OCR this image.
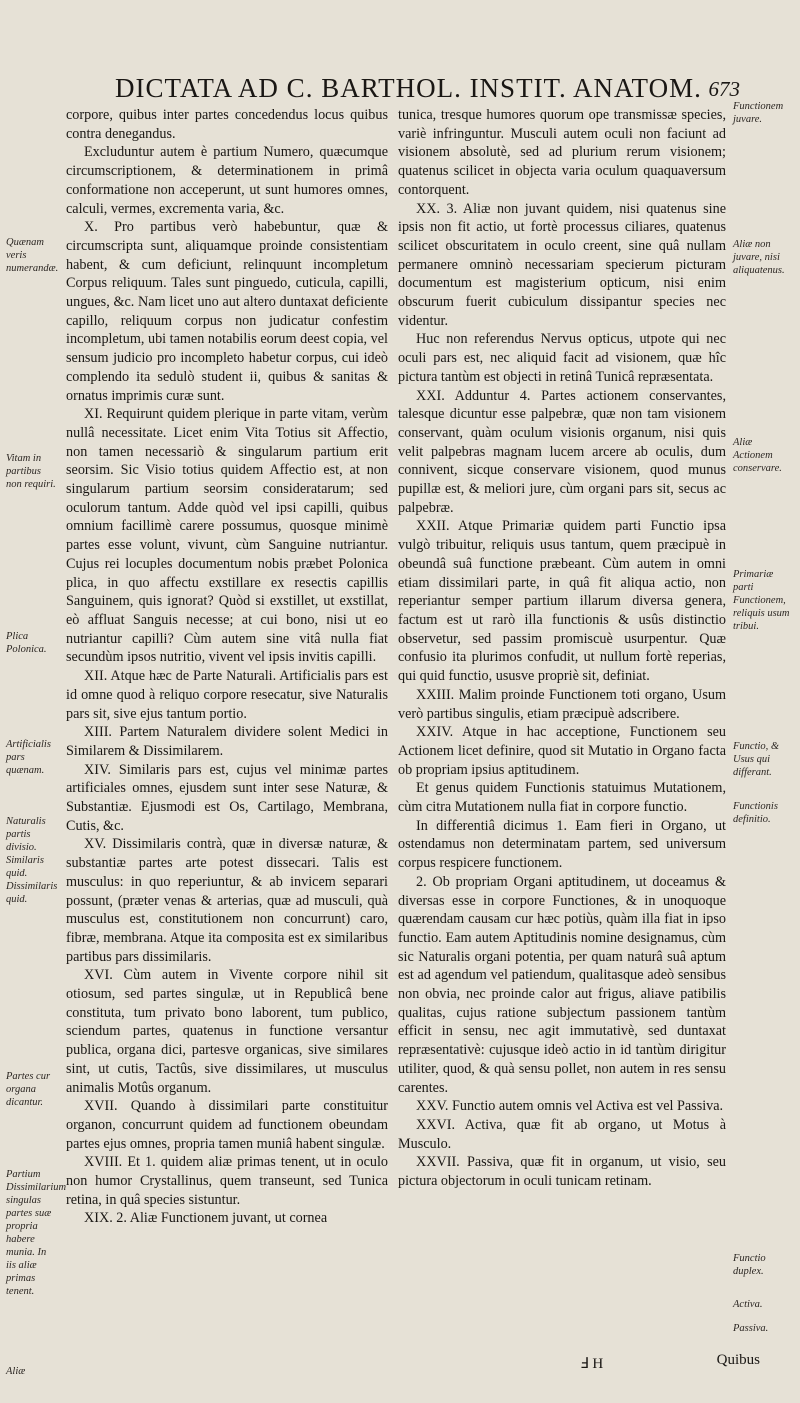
DICTATA AD C. BARTHOL. INSTIT. ANATOM. 673

corpore, quibus inter partes concedendus locus quibus contra denegandus.

Excluduntur autem è partium Numero, quæcumque circumscriptionem, & determinationem in primâ conformatione non acceperunt, ut sunt humores omnes, calculi, vermes, excrementa varia, &c.

X. Pro partibus verò habebuntur, quæ & circumscripta sunt, aliquamque proinde consistentiam habent, & cum deficiunt, relinquunt incompletum Corpus reliquum. Tales sunt pinguedo, cuticula, capilli, ungues, &c. Nam licet uno aut altero duntaxat deficiente capillo, reliquum corpus non judicatur confestim incompletum, ubi tamen notabilis eorum deest copia, vel sensum judicio pro incompleto habetur corpus, cui ideò complendo ita sedulò student ii, quibus & sanitas & ornatus imprimis curæ sunt.

XI. Requirunt quidem plerique in parte vitam, verùm nullâ necessitate. Licet enim Vita Totius sit Affectio, non tamen necessariò & singularum partium erit seorsim. Sic Visio totius quidem Affectio est, at non singularum partium seorsim consideratarum; sed oculorum tantum. Adde quòd vel ipsi capilli, quibus omnium facillimè carere possumus, quosque minimè partes esse volunt, vivunt, cùm Sanguine nutriantur. Cujus rei locuples documentum nobis præbet Polonica plica, in quo affectu exstillare ex resectis capillis Sanguinem, quis ignorat? Quòd si exstillet, ut exstillat, eò affluat Sanguis necesse; at cui bono, nisi ut eo nutriantur capilli? Cùm autem sine vitâ nulla fiat secundùm ipsos nutritio, vivent vel ipsis invitis capilli.

XII. Atque hæc de Parte Naturali. Artificialis pars est id omne quod à reliquo corpore resecatur, sive Naturalis pars sit, sive ejus tantum portio.

XIII. Partem Naturalem dividere solent Medici in Similarem & Dissimilarem.

XIV. Similaris pars est, cujus vel minimæ partes artificiales omnes, ejusdem sunt inter sese Naturæ, & Substantiæ. Ejusmodi est Os, Cartilago, Membrana, Cutis, &c.

XV. Dissimilaris contrà, quæ in diversæ naturæ, & substantiæ partes arte potest dissecari. Talis est musculus: in quo reperiuntur, & ab invicem separari possunt, (præter venas & arterias, quæ ad musculi, quà musculus est, constitutionem non concurrunt) caro, fibræ, membrana. Atque ita composita est ex similaribus partibus pars dissimilaris.

XVI. Cùm autem in Vivente corpore nihil sit otiosum, sed partes singulæ, ut in Republicâ bene constituta, tum privato bono laborent, tum publico, sciendum partes, quatenus in functione versantur publica, organa dici, partesve organicas, sive similares sint, ut cutis, Tactûs, sive dissimilares, ut musculus animalis Motûs organum.

XVII. Quando à dissimilari parte constituitur organon, concurrunt quidem ad functionem obeundam partes ejus omnes, propria tamen muniâ habent singulæ.

XVIII. Et 1. quidem aliæ primas tenent, ut in oculo non humor Crystallinus, quem transeunt, sed Tunica retina, in quâ species sistuntur.

XIX. 2. Aliæ Functionem juvant, ut cornea

tunica, tresque humores quorum ope transmissæ species, variè infringuntur. Musculi autem oculi non faciunt ad visionem absolutè, sed ad plurium rerum visionem; quatenus scilicet in objecta varia oculum quaquaversum contorquent.

XX. 3. Aliæ non juvant quidem, nisi quatenus sine ipsis non fit actio, ut fortè processus ciliares, quatenus scilicet obscuritatem in oculo creent, sine quâ nullam permanere omninò necessariam specierum picturam documentum est magisterium opticum, nisi enim obscurum fuerit cubiculum dissipantur species nec videntur.

Huc non referendus Nervus opticus, utpote qui nec oculi pars est, nec aliquid facit ad visionem, quæ hîc pictura tantùm est objecti in retinâ Tunicâ repræsentata.

XXI. Adduntur 4. Partes actionem conservantes, talesque dicuntur esse palpebræ, quæ non tam visionem conservant, quàm oculum visionis organum, nisi quis velit palpebras magnam lucem arcere ab oculis, dum connivent, sicque conservare visionem, quod munus pupillæ est, & meliori jure, cùm organi pars sit, secus ac palpebræ.

XXII. Atque Primariæ quidem parti Functio ipsa vulgò tribuitur, reliquis usus tantum, quem præcipuè in obeundâ suâ functione præbeant. Cùm autem in omni etiam dissimilari parte, in quâ fit aliqua actio, non reperiantur semper partium illarum diversa genera, factum est ut rarò illa functionis & usûs distinctio observetur, sed passim promiscuè usurpentur. Quæ confusio ita plurimos confudit, ut nullum fortè reperias, qui quid functio, ususve propriè sit, definiat.

XXIII. Malim proinde Functionem toti organo, Usum verò partibus singulis, etiam præcipuè adscribere.

XXIV. Atque in hac acceptione, Functionem seu Actionem licet definire, quod sit Mutatio in Organo facta ob propriam ipsius aptitudinem.

Et genus quidem Functionis statuimus Mutationem, cùm citra Mutationem nulla fiat in corpore functio.

In differentiâ dicimus 1. Eam fieri in Organo, ut ostendamus non determinatam partem, sed universum corpus respicere functionem.

2. Ob propriam Organi aptitudinem, ut doceamus & diversas esse in corpore Functiones, & in unoquoque quærendam causam cur hæc potiùs, quàm illa fiat in ipso functio. Eam autem Aptitudinis nomine designamus, cùm sic Naturalis organi potentia, per quam naturâ suâ aptum est ad agendum vel patiendum, qualitasque adeò sensibus non obvia, nec proinde calor aut frigus, aliave patibilis qualitas, cujus ratione subjectum passionem tantùm efficit in sensu, nec agit immutativè, sed duntaxat repræsentativè: cujusque ideò actio in id tantùm dirigitur utiliter, quod, & quà sensu pollet, non autem in res sensu carentes.

XXV. Functio autem omnis vel Activa est vel Passiva.

XXVI. Activa, quæ fit ab organo, ut Motus à Musculo.

XXVII. Passiva, quæ fit in organum, ut visio, seu pictura objectorum in oculi tunicam retinam.

Quænam veris numerandæ.
Vitam in partibus non requiri.
Plica Polonica.
Artificialis pars quænam.
Naturalis partis divisio. Similaris quid. Dissimilaris quid.
Partes cur organa dicantur.
Partium Dissimilarium singulas partes suæ propria habere munia. In iis aliæ primas tenent.
Aliæ
Functionem juvare.
Aliæ non juvare, nisi aliquatenus.
Aliæ Actionem conservare.
Primariæ parti Functionem, reliquis usum tribui.
Functio, & Usus qui differant.
Functionis definitio.
Functio duplex.
Activa.
Passiva.
Ⅎ H	Quibus
